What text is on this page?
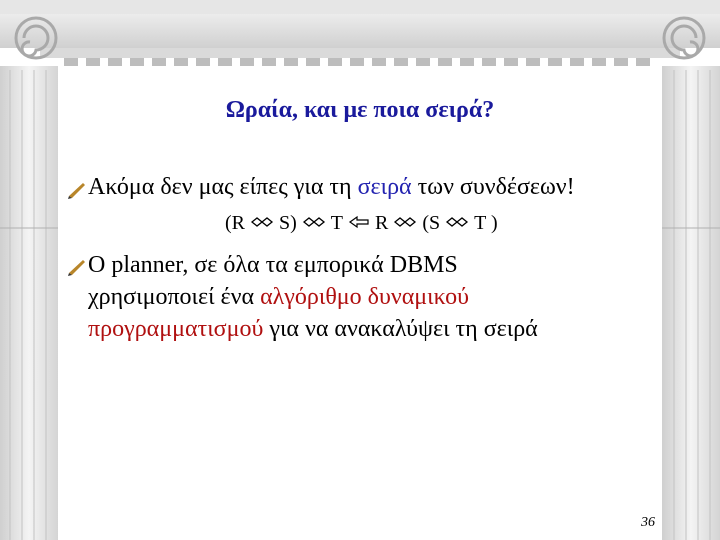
Ωραία, και με ποια σειρά?
Ακόμα δεν μας είπες για τη σειρά των συνδέσεων!
(R S) T R (S T )
Ο planner, σε όλα τα εμπορικά DBMS
χρησιμοποιεί ένα αλγόριθμο δυναμικού
προγραμματισμού για να ανακαλύψει τη σειρά
36
